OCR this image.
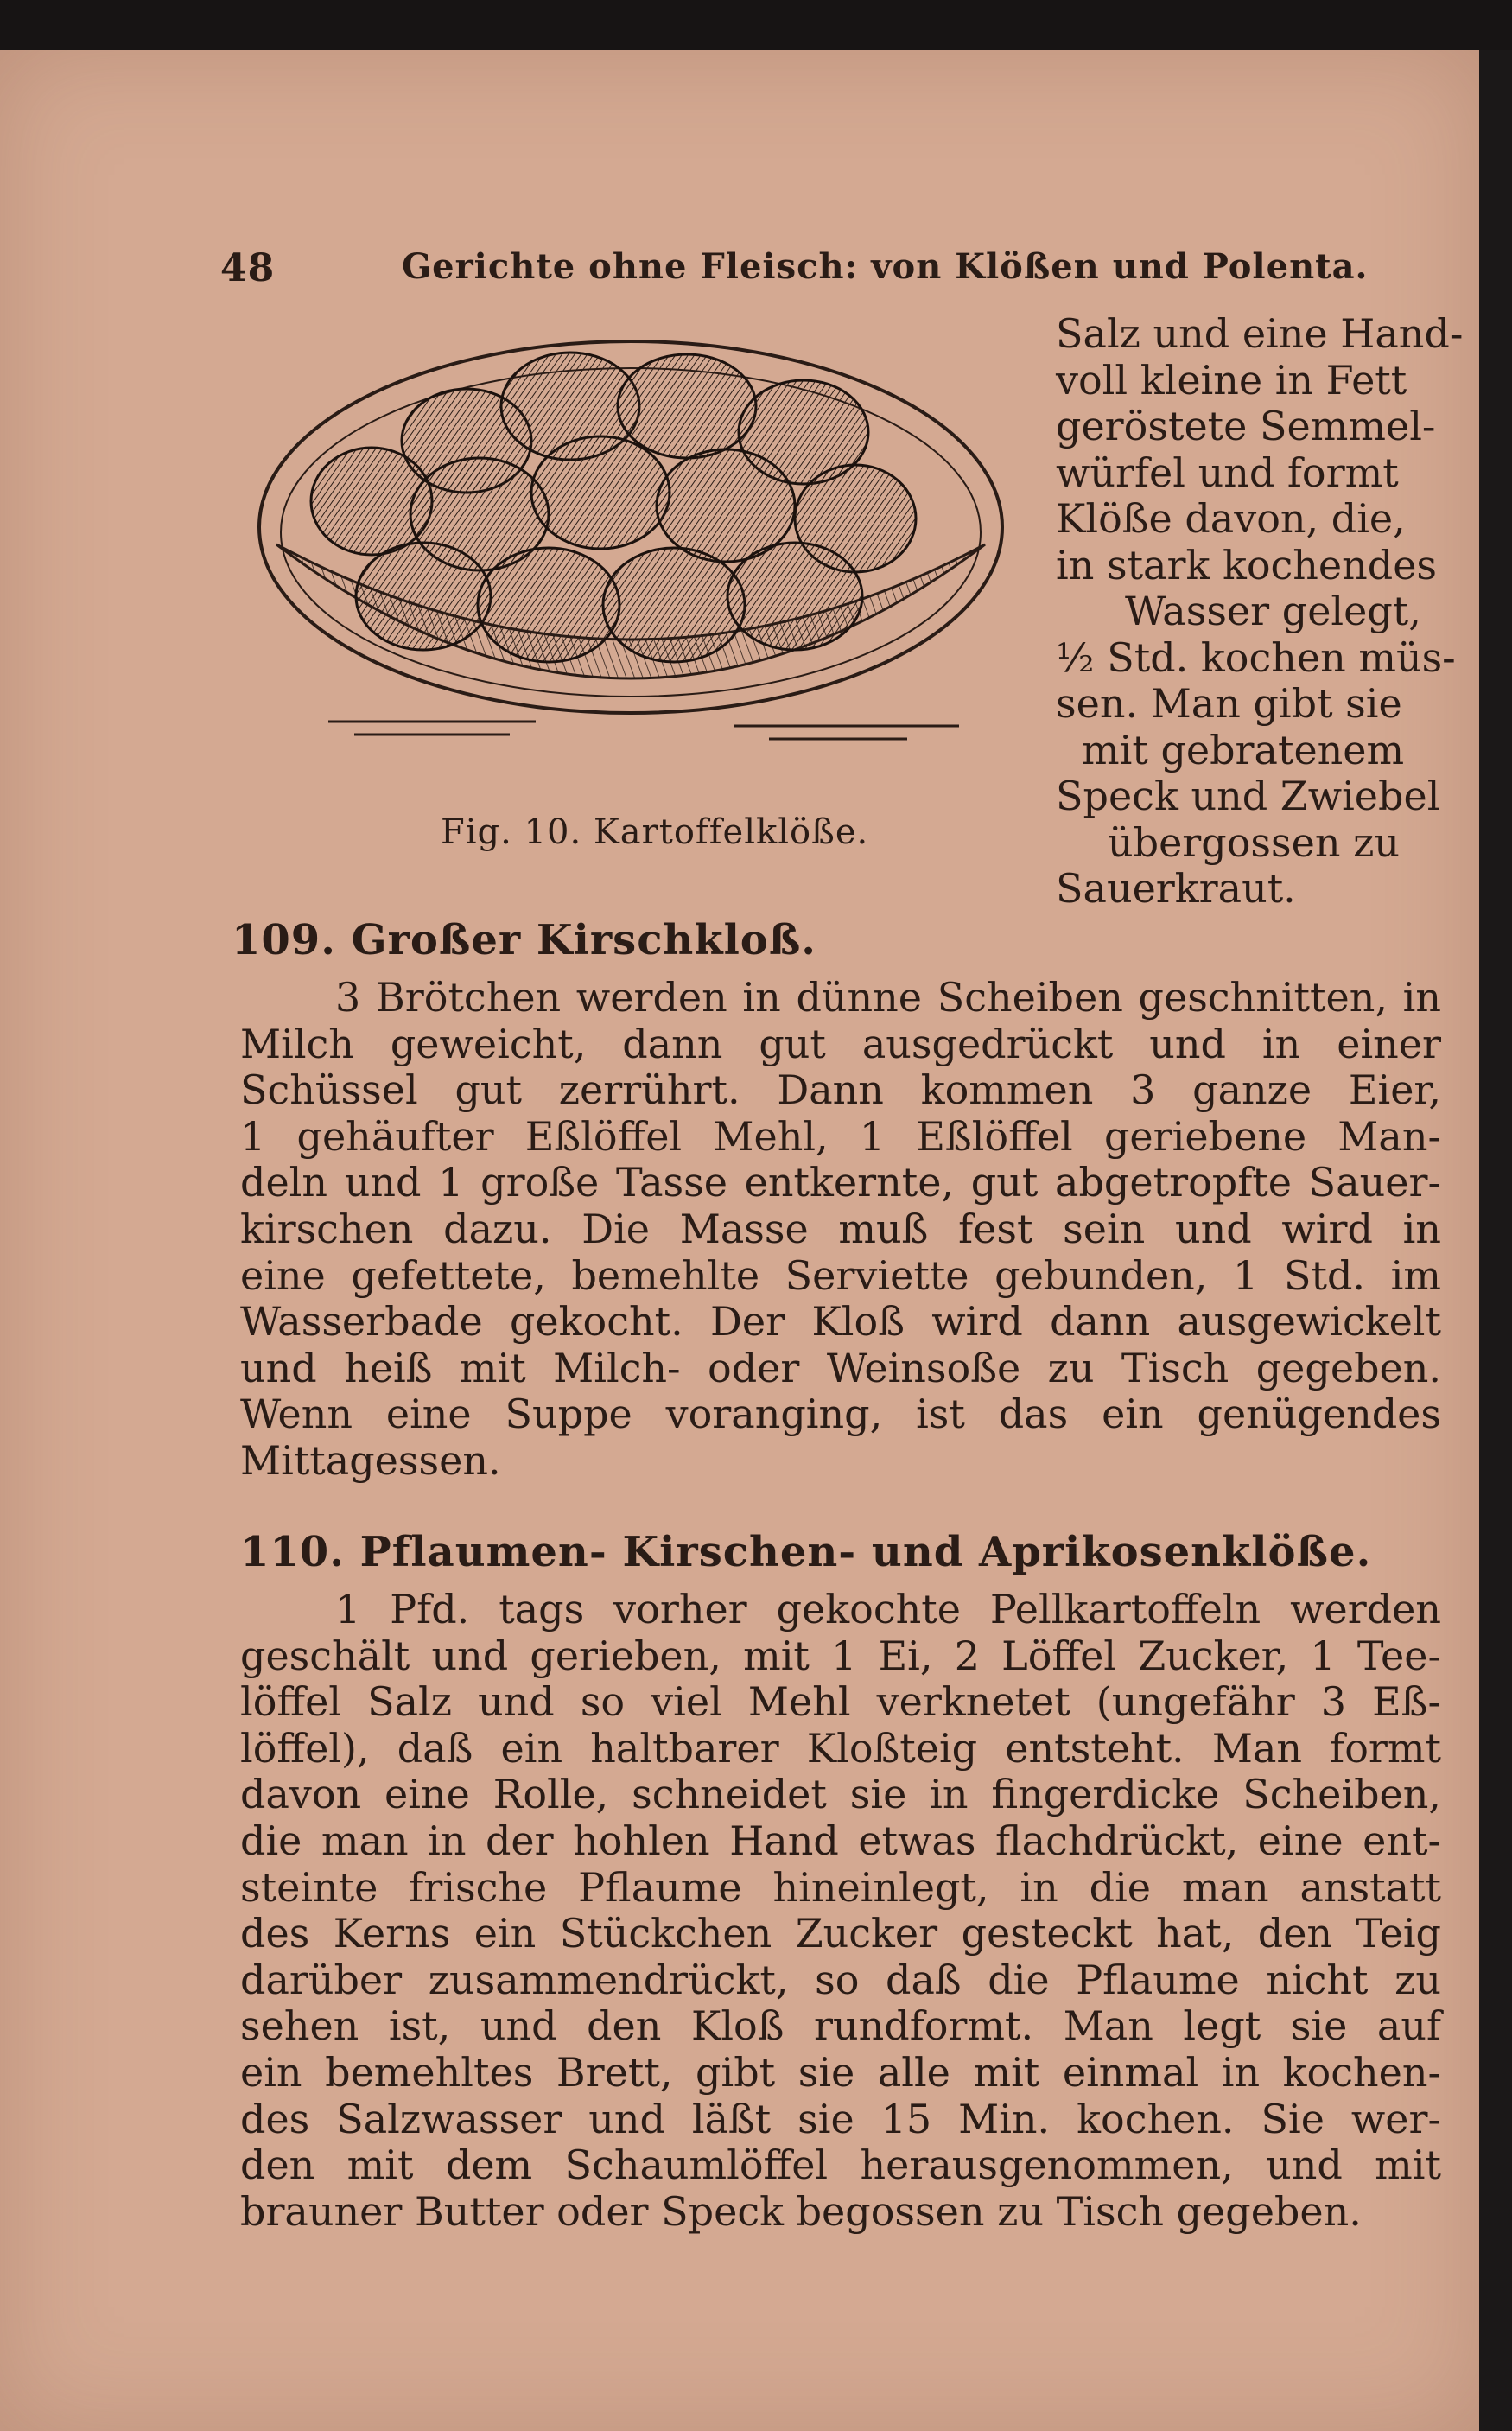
48	Gerichte ohne Fleisch: von Klößen und Polenta.
Fig. 10. Kartoffelklöße.
Salz und eine Hand-
voll kleine in Fett
geröstete Semmel-
würfel und formt
Klöße davon, die,
in stark kochendes
Wasser gelegt,
½ Std. kochen müs-
sen. Man gibt sie
mit gebratenem
Speck und Zwiebel
übergossen zu
Sauerkraut.
109. Großer Kirschkloß.
3 Brötchen werden in dünne Scheiben geschnitten, in
Milch geweicht, dann gut ausgedrückt und in einer
Schüssel gut zerrührt. Dann kommen 3 ganze Eier,
1 gehäufter Eßlöffel Mehl, 1 Eßlöffel geriebene Man-
deln und 1 große Tasse entkernte, gut abgetropfte Sauer-
kirschen dazu. Die Masse muß fest sein und wird in
eine gefettete, bemehlte Serviette gebunden, 1 Std. im
Wasserbade gekocht. Der Kloß wird dann ausgewickelt
und heiß mit Milch- oder Weinsoße zu Tisch gegeben.
Wenn eine Suppe voranging, ist das ein genügendes
Mittagessen.
110. Pflaumen- Kirschen- und Aprikosenklöße.
1 Pfd. tags vorher gekochte Pellkartoffeln werden
geschält und gerieben, mit 1 Ei, 2 Löffel Zucker, 1 Tee-
löffel Salz und so viel Mehl verknetet (ungefähr 3 Eß-
löffel), daß ein haltbarer Kloßteig entsteht. Man formt
davon eine Rolle, schneidet sie in fingerdicke Scheiben,
die man in der hohlen Hand etwas flachdrückt, eine ent-
steinte frische Pflaume hineinlegt, in die man anstatt
des Kerns ein Stückchen Zucker gesteckt hat, den Teig
darüber zusammendrückt, so daß die Pflaume nicht zu
sehen ist, und den Kloß rundformt. Man legt sie auf
ein bemehltes Brett, gibt sie alle mit einmal in kochen-
des Salzwasser und läßt sie 15 Min. kochen. Sie wer-
den mit dem Schaumlöffel herausgenommen, und mit
brauner Butter oder Speck begossen zu Tisch gegeben.
